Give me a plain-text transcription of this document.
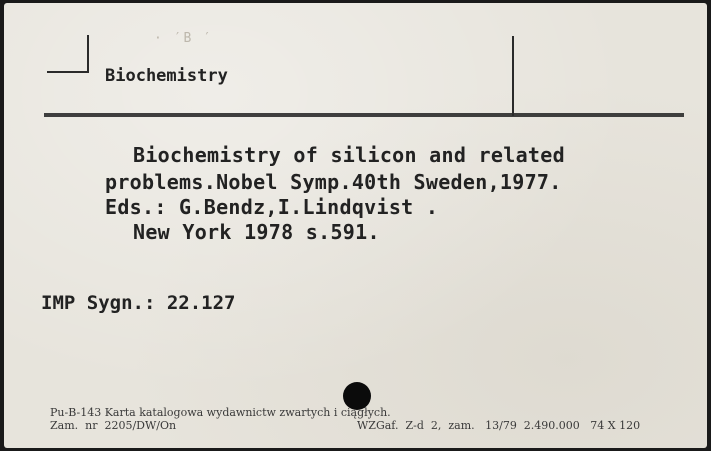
· ′В ′
Biochemistry
Biochemistry of silicon and related
problems.Nobel Symp.40th Sweden,1977.
Eds.: G.Bendz,I.Lindqvist .
New York 1978 s.591.
IMP Sygn.: 22.127
Pu-B-143 Karta katalogowa wydawnictw zwartych i ciągłych.
Zam.  nr  2205/DW/On	WZGaf.  Z-d  2,  zam.   13/79  2.490.000   74 X 120
